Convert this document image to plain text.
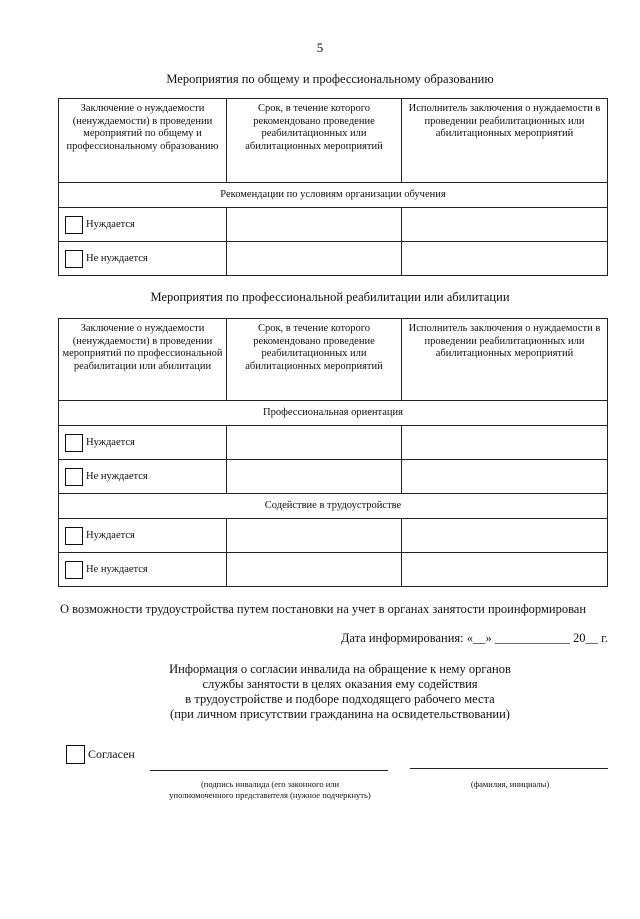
5
Мероприятия по общему и профессиональному образованию
Заключение о нуждаемости (ненуждаемости) в проведении мероприятий по общему и профессиональному образованию	Срок, в течение которого рекомендовано проведение реабилитационных или абилитационных мероприятий	Исполнитель заключения о нуждаемости в проведении реабилитационных или абилитационных мероприятий
Рекомендации по условиям организации обучения		
Нуждается		
Не нуждается		
Мероприятия по профессиональной реабилитации или абилитации
Заключение о нуждаемости (ненуждаемости) в проведении мероприятий по профессиональной реабилитации или абилитации	Срок, в течение которого рекомендовано проведение реабилитационных или абилитационных мероприятий	Исполнитель заключения о нуждаемости в проведении реабилитационных или абилитационных мероприятий
Профессиональная ориентация		
Нуждается		
Не нуждается		
Содействие в трудоустройстве		
Нуждается		
Не нуждается		
О возможности трудоустройства путем постановки на учет в органах занятости проинформирован
Дата информирования: «__» ____________ 20__ г.
Информация о согласии инвалида на обращение к нему органов
службы занятости в целях оказания ему содействия
в трудоустройстве и подборе подходящего рабочего места
(при личном присутствии гражданина на освидетельствовании)
Согласен
(подпись инвалида (его законного или
уполномоченного представителя (нужное подчеркнуть)
(фамилия, инициалы)
